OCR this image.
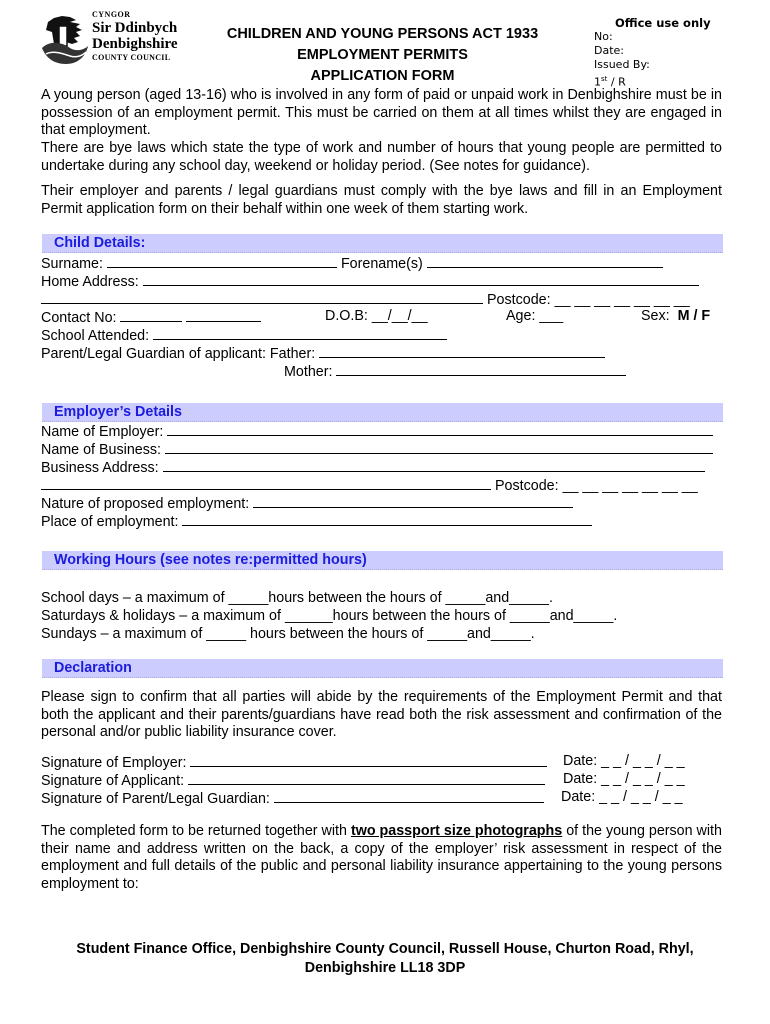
CYNGOR
Sir Ddinbych
Denbighshire
COUNTY COUNCIL
CHILDREN AND YOUNG PERSONS ACT 1933
EMPLOYMENT PERMITS
APPLICATION FORM
Office use only
No:
Date:
Issued By:
1st / R
A young person (aged 13-16) who is involved in any form of paid or unpaid work in Denbighshire must be in possession of an employment permit. This must be carried on them at all times whilst they are engaged in that employment.
There are bye laws which state the type of work and number of hours that young people are permitted to undertake during any school day, weekend or holiday period. (See notes for guidance).
Their employer and parents / legal guardians must comply with the bye laws and fill in an Employment Permit application form on their behalf within one week of them starting work.
Child Details:
Surname:	Forename(s)
Home Address:
Postcode: __ __ __ __ __ __ __
Contact No:	D.O.B: __/__/__	Age: ___	Sex: M / F
School Attended:
Parent/Legal Guardian of applicant: Father:
Mother:
Employer’s Details
Name of Employer:
Name of Business:
Business Address:
Postcode: __ __ __ __ __ __ __
Nature of proposed employment:
Place of employment:
Working Hours (see notes re:permitted hours)
School days – a maximum of _____hours between the hours of _____and_____.
Saturdays & holidays – a maximum of ______hours between the hours of _____and_____.
Sundays – a maximum of _____ hours between the hours of _____and_____.
Declaration
Please sign to confirm that all parties will abide by the requirements of the Employment Permit and that both the applicant and their parents/guardians have read both the risk assessment and confirmation of the personal and/or public liability insurance cover.
Signature of Employer:	Date: _ _ / _ _ / _ _
Signature of Applicant:	Date: _ _ / _ _ / _ _
Signature of Parent/Legal Guardian:	Date: _ _ / _ _ / _ _
The completed form to be returned together with two passport size photographs of the young person with their name and address written on the back, a copy of the employer’ risk assessment in respect of the employment and full details of the public and personal liability insurance appertaining to the young persons employment to:
Student Finance Office, Denbighshire County Council, Russell House, Churton Road, Rhyl,
Denbighshire LL18 3DP
